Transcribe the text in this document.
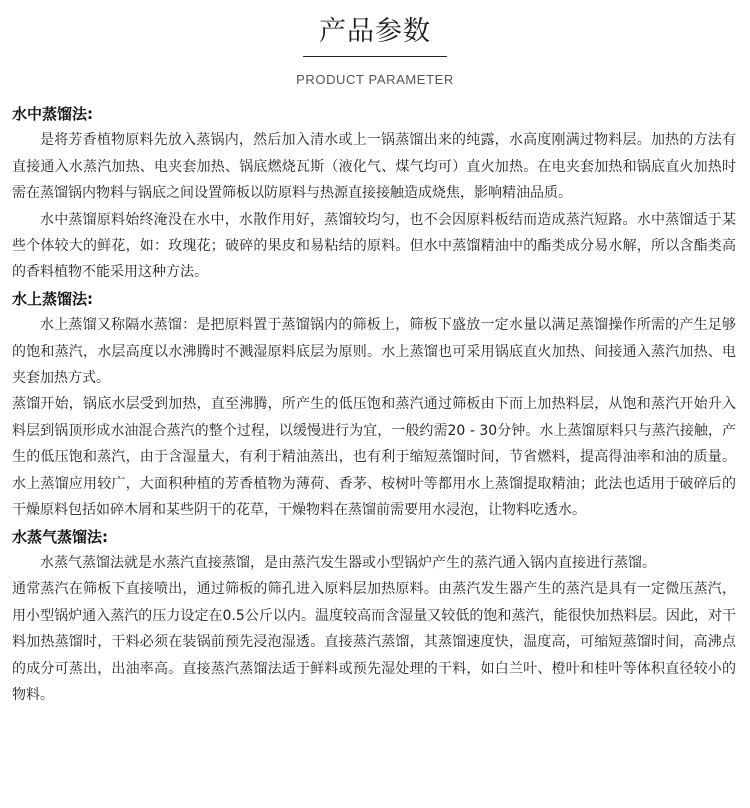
产品参数
PRODUCT PARAMETER
水中蒸馏法:

是将芳香植物原料先放入蒸锅内，然后加入清水或上一锅蒸馏出来的纯露，水高度刚满过物料层。加热的方法有直接通入水蒸汽加热、电夹套加热、锅底燃烧瓦斯（液化气、煤气均可）直火加热。在电夹套加热和锅底直火加热时需在蒸馏锅内物料与锅底之间设置筛板以防原料与热源直接接触造成烧焦，影响精油品质。

水中蒸馏原料始终淹没在水中，水散作用好，蒸馏较均匀，也不会因原料板结而造成蒸汽短路。水中蒸馏适于某些个体较大的鲜花，如：玫瑰花；破碎的果皮和易粘结的原料。但水中蒸馏精油中的酯类成分易水解，所以含酯类高的香料植物不能采用这种方法。

水上蒸馏法:

水上蒸馏又称隔水蒸馏：是把原料置于蒸馏锅内的筛板上，筛板下盛放一定水量以满足蒸馏操作所需的产生足够的饱和蒸汽，水层高度以水沸腾时不溅湿原料底层为原则。水上蒸馏也可采用锅底直火加热、间接通入蒸汽加热、电夹套加热方式。

蒸馏开始，锅底水层受到加热，直至沸腾，所产生的低压饱和蒸汽通过筛板由下而上加热料层，从饱和蒸汽开始升入料层到锅顶形成水油混合蒸汽的整个过程，以缓慢进行为宜，一般约需20 - 30分钟。水上蒸馏原料只与蒸汽接触，产生的低压饱和蒸汽，由于含湿量大，有利于精油蒸出，也有利于缩短蒸馏时间，节省燃料，提高得油率和油的质量。水上蒸馏应用较广，大面积种植的芳香植物为薄荷、香茅、桉树叶等都用水上蒸馏提取精油；此法也适用于破碎后的干燥原料包括如碎木屑和某些阴干的花草，干燥物料在蒸馏前需要用水浸泡，让物料吃透水。

水蒸气蒸馏法:

水蒸气蒸馏法就是水蒸汽直接蒸馏，是由蒸汽发生器或小型锅炉产生的蒸汽通入锅内直接进行蒸馏。

通常蒸汽在筛板下直接喷出，通过筛板的筛孔进入原料层加热原料。由蒸汽发生器产生的蒸汽是具有一定微压蒸汽，用小型锅炉通入蒸汽的压力设定在0.5公斤以内。温度较高而含湿量又较低的饱和蒸汽，能很快加热料层。因此，对干料加热蒸馏时，干料必须在装锅前预先浸泡湿透。直接蒸汽蒸馏，其蒸馏速度快，温度高，可缩短蒸馏时间，高沸点的成分可蒸出，出油率高。直接蒸汽蒸馏法适于鲜料或预先湿处理的干料，如白兰叶、橙叶和桂叶等体积直径较小的物料。
